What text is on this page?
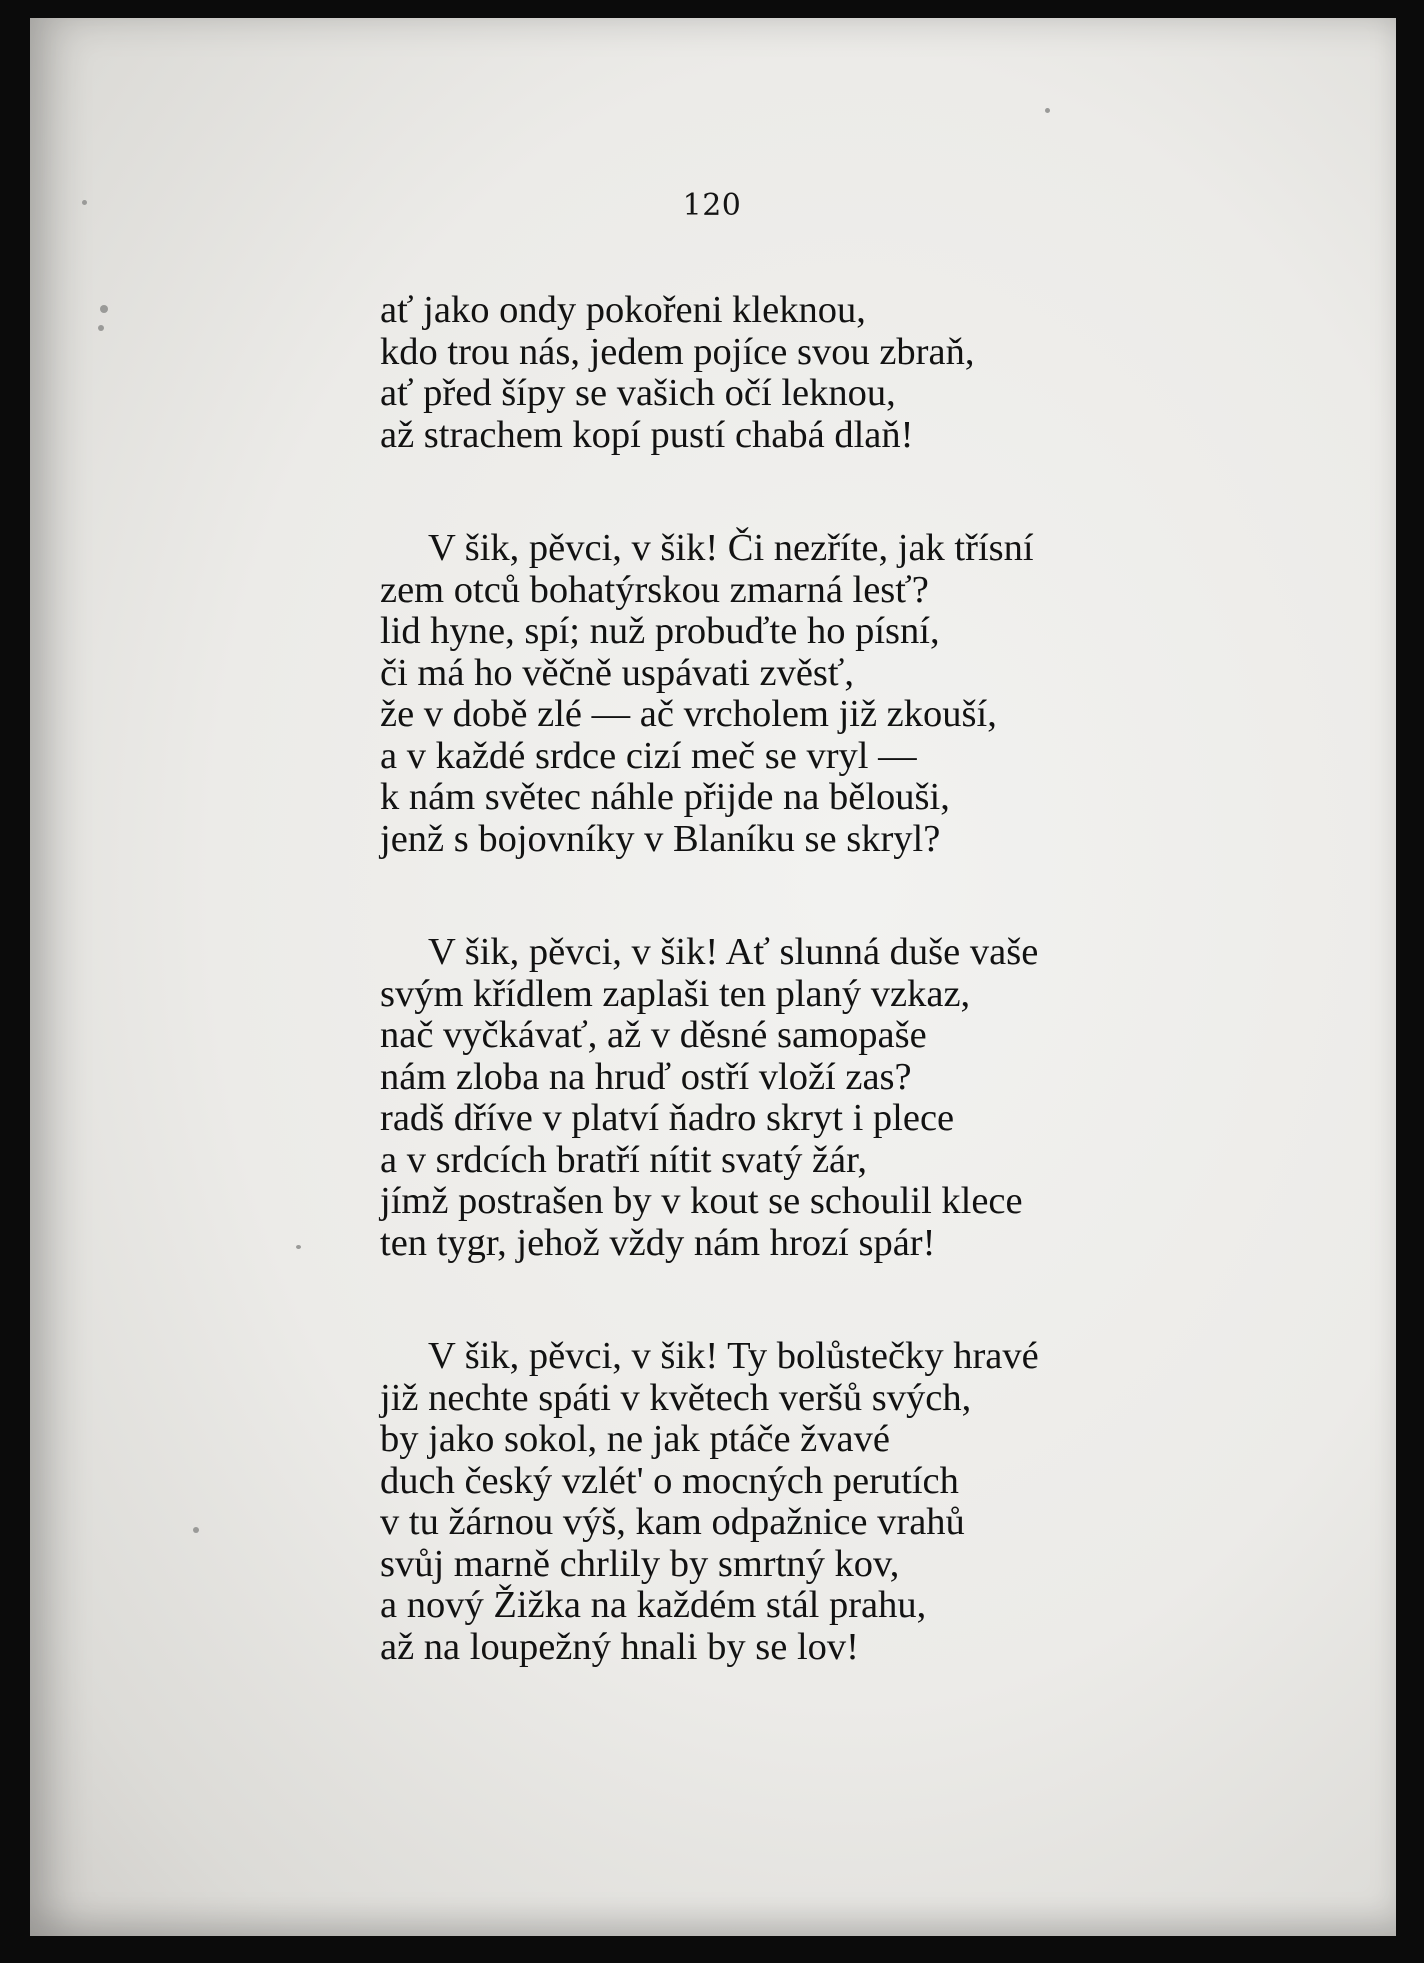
120

ať jako ondy pokořeni kleknou,
kdo trou nás, jedem pojíce svou zbraň,
ať před šípy se vašich očí leknou,
až strachem kopí pustí chabá dlaň!

V šik, pěvci, v šik! Či nezříte, jak třísní
zem otců bohatýrskou zmarná lesť?
lid hyne, spí; nuž probuďte ho písní,
či má ho věčně uspávati zvěsť,
že v době zlé — ač vrcholem již zkouší,
a v každé srdce cizí meč se vryl —
k nám světec náhle přijde na bělouši,
jenž s bojovníky v Blaníku se skryl?

V šik, pěvci, v šik! Ať slunná duše vaše
svým křídlem zaplaši ten planý vzkaz,
nač vyčkávať, až v děsné samopaše
nám zloba na hruď ostří vloží zas?
radš dříve v platví ňadro skryt i plece
a v srdcích bratří nítit svatý žár,
jímž postrašen by v kout se schoulil klece
ten tygr, jehož vždy nám hrozí spár!

V šik, pěvci, v šik! Ty bolůstečky hravé
již nechte spáti v květech veršů svých,
by jako sokol, ne jak ptáče žvavé
duch český vzlét' o mocných perutích
v tu žárnou výš, kam odpažnice vrahů
svůj marně chrlily by smrtný kov,
a nový Žižka na každém stál prahu,
až na loupežný hnali by se lov!
